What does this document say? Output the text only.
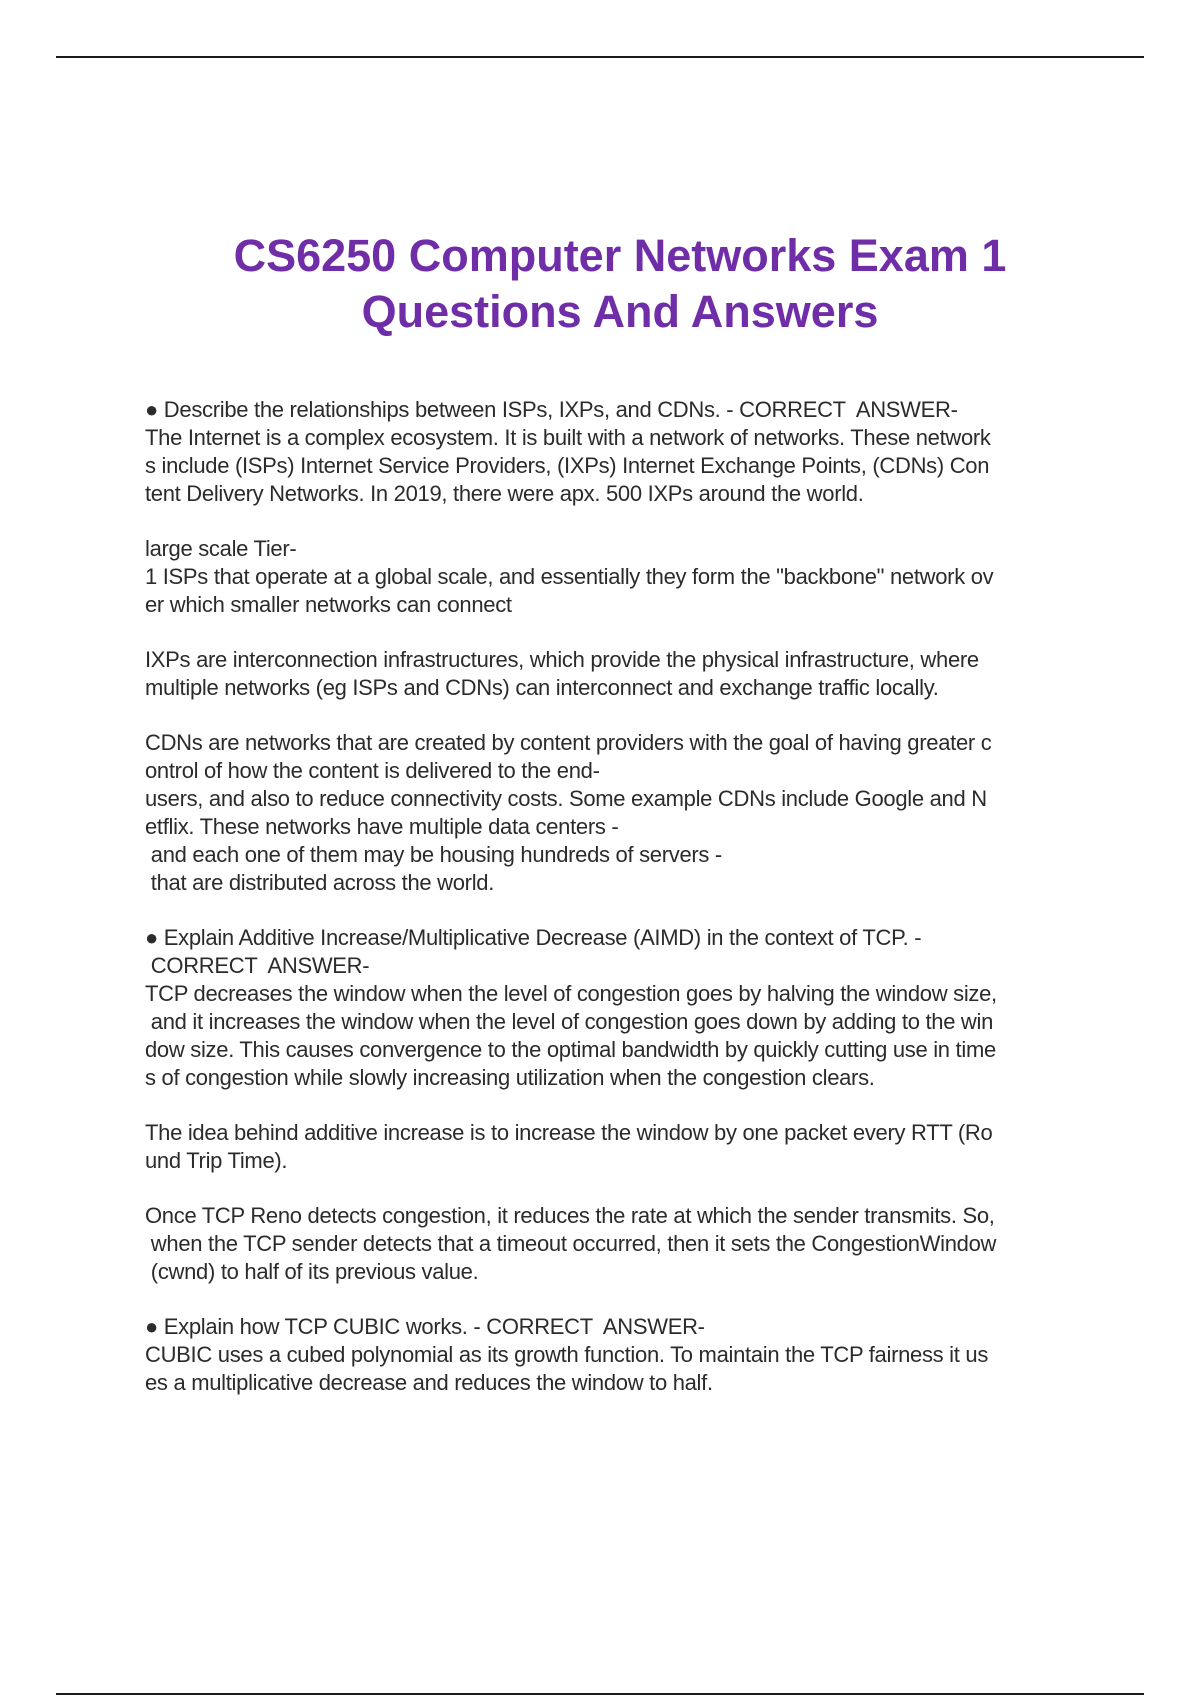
CS6250 Computer Networks Exam 1
Questions And Answers

● Describe the relationships between ISPs, IXPs, and CDNs. - CORRECT  ANSWER-
The Internet is a complex ecosystem. It is built with a network of networks. These network
s include (ISPs) Internet Service Providers, (IXPs) Internet Exchange Points, (CDNs) Con
tent Delivery Networks. In 2019, there were apx. 500 IXPs around the world.

large scale Tier-
1 ISPs that operate at a global scale, and essentially they form the "backbone" network ov
er which smaller networks can connect

IXPs are interconnection infrastructures, which provide the physical infrastructure, where
multiple networks (eg ISPs and CDNs) can interconnect and exchange traffic locally.

CDNs are networks that are created by content providers with the goal of having greater c
ontrol of how the content is delivered to the end-
users, and also to reduce connectivity costs. Some example CDNs include Google and N
etflix. These networks have multiple data centers -
and each one of them may be housing hundreds of servers -
that are distributed across the world.

● Explain Additive Increase/Multiplicative Decrease (AIMD) in the context of TCP. -
CORRECT  ANSWER-
TCP decreases the window when the level of congestion goes by halving the window size,
and it increases the window when the level of congestion goes down by adding to the win
dow size. This causes convergence to the optimal bandwidth by quickly cutting use in time
s of congestion while slowly increasing utilization when the congestion clears.

The idea behind additive increase is to increase the window by one packet every RTT (Ro
und Trip Time).

Once TCP Reno detects congestion, it reduces the rate at which the sender transmits. So,
when the TCP sender detects that a timeout occurred, then it sets the CongestionWindow
(cwnd) to half of its previous value.

● Explain how TCP CUBIC works. - CORRECT  ANSWER-
CUBIC uses a cubed polynomial as its growth function. To maintain the TCP fairness it us
es a multiplicative decrease and reduces the window to half.
